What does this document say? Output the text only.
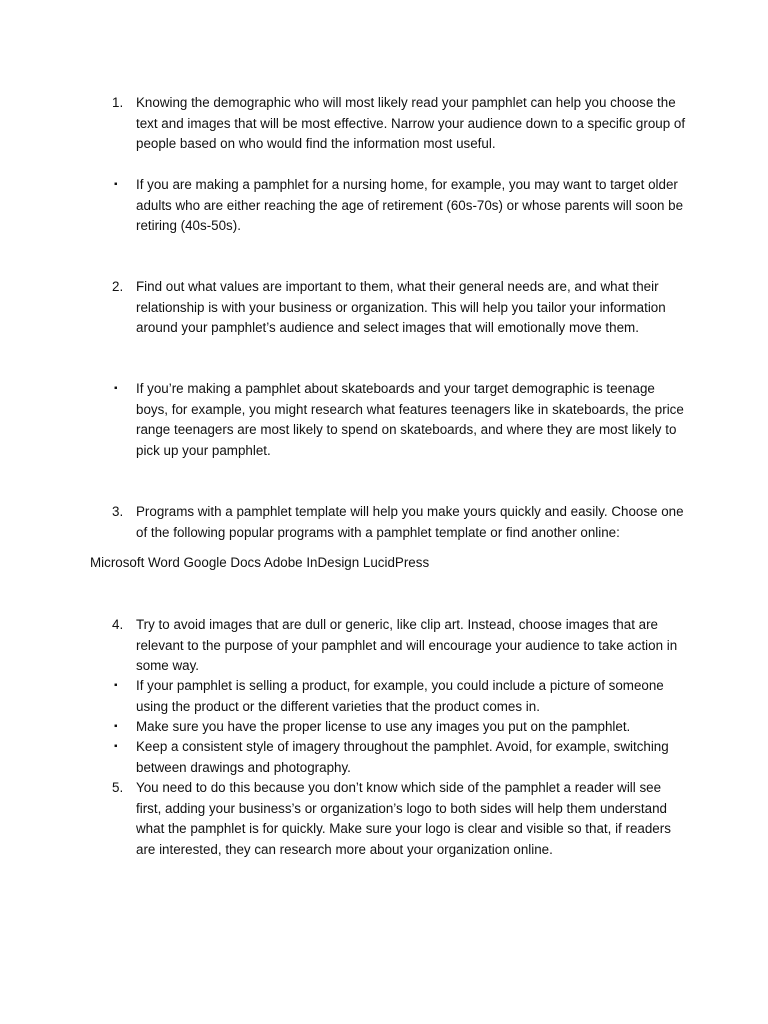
1. Knowing the demographic who will most likely read your pamphlet can help you choose the text and images that will be most effective. Narrow your audience down to a specific group of people based on who would find the information most useful.
▪	If you are making a pamphlet for a nursing home, for example, you may want to target older adults who are either reaching the age of retirement (60s-70s) or whose parents will soon be retiring (40s-50s).
2. Find out what values are important to them, what their general needs are, and what their relationship is with your business or organization. This will help you tailor your information around your pamphlet’s audience and select images that will emotionally move them.
▪	If you’re making a pamphlet about skateboards and your target demographic is teenage boys, for example, you might research what features teenagers like in skateboards, the price range teenagers are most likely to spend on skateboards, and where they are most likely to pick up your pamphlet.
3. Programs with a pamphlet template will help you make yours quickly and easily. Choose one of the following popular programs with a pamphlet template or find another online:
Microsoft Word Google Docs Adobe InDesign LucidPress
4. Try to avoid images that are dull or generic, like clip art. Instead, choose images that are relevant to the purpose of your pamphlet and will encourage your audience to take action in some way.
▪	If your pamphlet is selling a product, for example, you could include a picture of someone using the product or the different varieties that the product comes in.
▪	Make sure you have the proper license to use any images you put on the pamphlet.
▪	Keep a consistent style of imagery throughout the pamphlet. Avoid, for example, switching between drawings and photography.
5. You need to do this because you don’t know which side of the pamphlet a reader will see first, adding your business’s or organization’s logo to both sides will help them understand what the pamphlet is for quickly. Make sure your logo is clear and visible so that, if readers are interested, they can research more about your organization online.
